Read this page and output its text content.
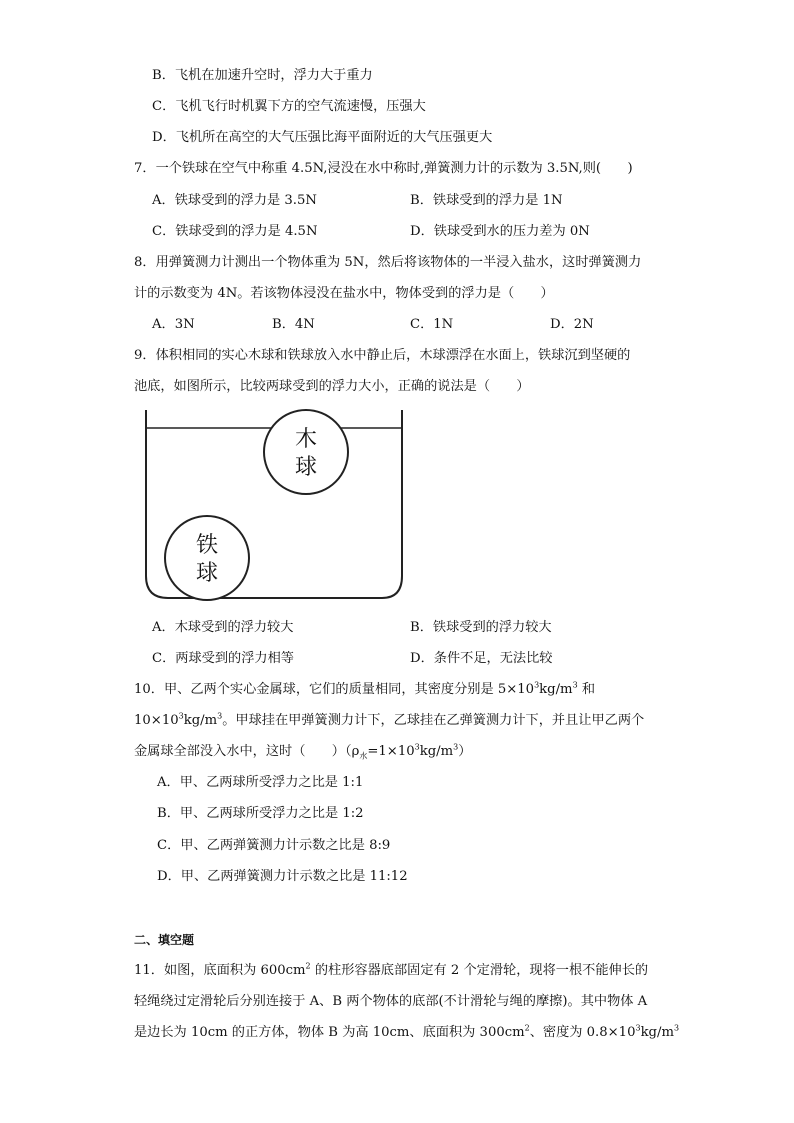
B．飞机在加速升空时，浮力大于重力
C．飞机飞行时机翼下方的空气流速慢，压强大
D．飞机所在高空的大气压强比海平面附近的大气压强更大
7．一个铁球在空气中称重 4.5N,浸没在水中称时,弹簧测力计的示数为 3.5N,则(　　)
A．铁球受到的浮力是 3.5N	B．铁球受到的浮力是 1N
C．铁球受到的浮力是 4.5N	D．铁球受到水的压力差为 0N
8．用弹簧测力计测出一个物体重为 5N，然后将该物体的一半浸入盐水，这时弹簧测力
计的示数变为 4N。若该物体浸没在盐水中，物体受到的浮力是（　　）
A．3N	B．4N	C．1N	D．2N
9．体积相同的实心木球和铁球放入水中静止后，木球漂浮在水面上，铁球沉到坚硬的
池底，如图所示，比较两球受到的浮力大小，正确的说法是（　　）
木
球
铁
球
A．木球受到的浮力较大	B．铁球受到的浮力较大
C．两球受到的浮力相等	D．条件不足，无法比较
10．甲、乙两个实心金属球，它们的质量相同，其密度分别是 $5\times 10^3kg/m^3$ 和
$10\times 10^3kg/m^3$。甲球挂在甲弹簧测力计下，乙球挂在乙弹簧测力计下，并且让甲乙两个
金属球全部没入水中，这时（　　）$(\rho_水=1\times 10^3kg/m^3)$
A．甲、乙两球所受浮力之比是 1:1
B．甲、乙两球所受浮力之比是 1:2
C．甲、乙两弹簧测力计示数之比是 8:9
D．甲、乙两弹簧测力计示数之比是 11:12
二、填空题
11．如图，底面积为 $600cm^2$ 的柱形容器底部固定有 2 个定滑轮，现将一根不能伸长的
轻绳绕过定滑轮后分别连接于 A、B 两个物体的底部(不计滑轮与绳的摩擦)。其中物体 A
是边长为 10cm 的正方体，物体 B 为高 10cm、底面积为 $300cm^2$、密度为 $0.8\times 10^3kg/m^3$
